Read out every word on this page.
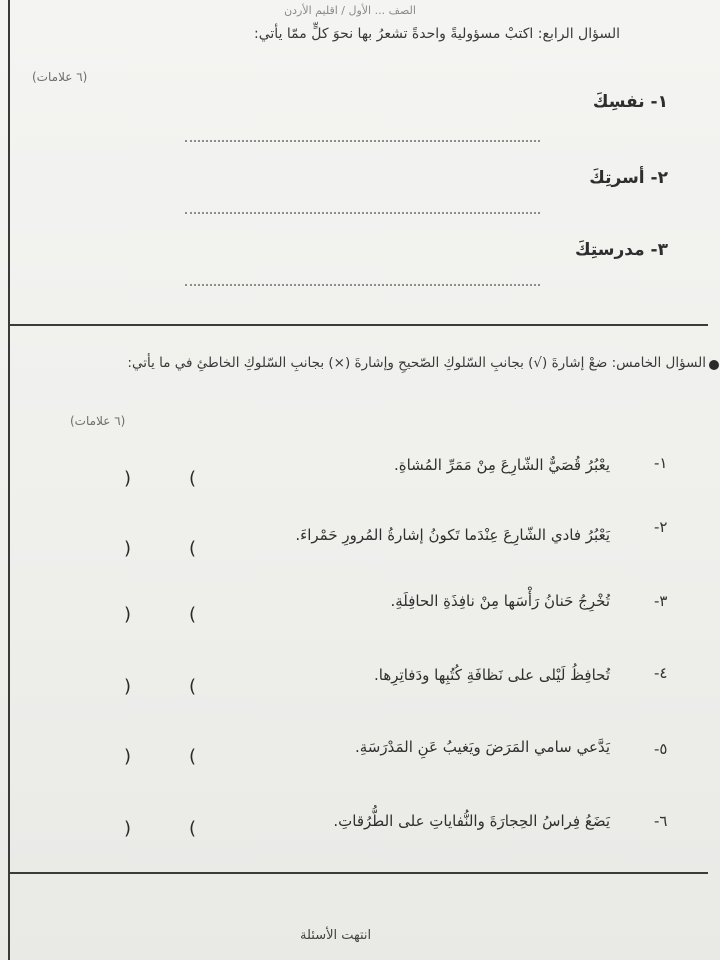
الصف ... الأول / اقليم الأردن
السؤال الرابع: اكتبْ مسؤوليةً واحدةً تشعرُ بها نحوَ كلٍّ ممّا يأتي:
(٦ علامات)
١- نفسِكَ
٢- أسرتِكَ
٣- مدرستِكَ
السؤال الخامس: ضعْ إشارةَ (√) بجانبِ السّلوكِ الصّحيحِ وإشارةَ (×) بجانبِ السّلوكِ الخاطئِ في ما يأتي:
(٦ علامات)
-١
يعْبُرُ قُصَيٌّ الشّارِعَ مِنْ مَمَرِّ المُشاةِ.
)	(
-٢
يَعْبُرُ فادي الشّارِعَ عِنْدَما تَكونُ إشارةُ المُرورِ حَمْراءَ.
)	(
-٣
تُخْرِجُ حَنانُ رَأْسَها مِنْ نافِذَةِ الحافِلَةِ.
)	(
-٤
تُحافِظُ لَيْلى على نَظافَةِ كُتُبِها ودَفاتِرِها.
)	(
-٥
يَدَّعي سامي المَرَضَ ويَغيبُ عَنِ المَدْرَسَةِ.
)	(
-٦
يَضَعُ فِراسُ الحِجارَةَ والنُّفاياتِ على الطُّرُقاتِ.
)	(
انتهت الأسئلة
